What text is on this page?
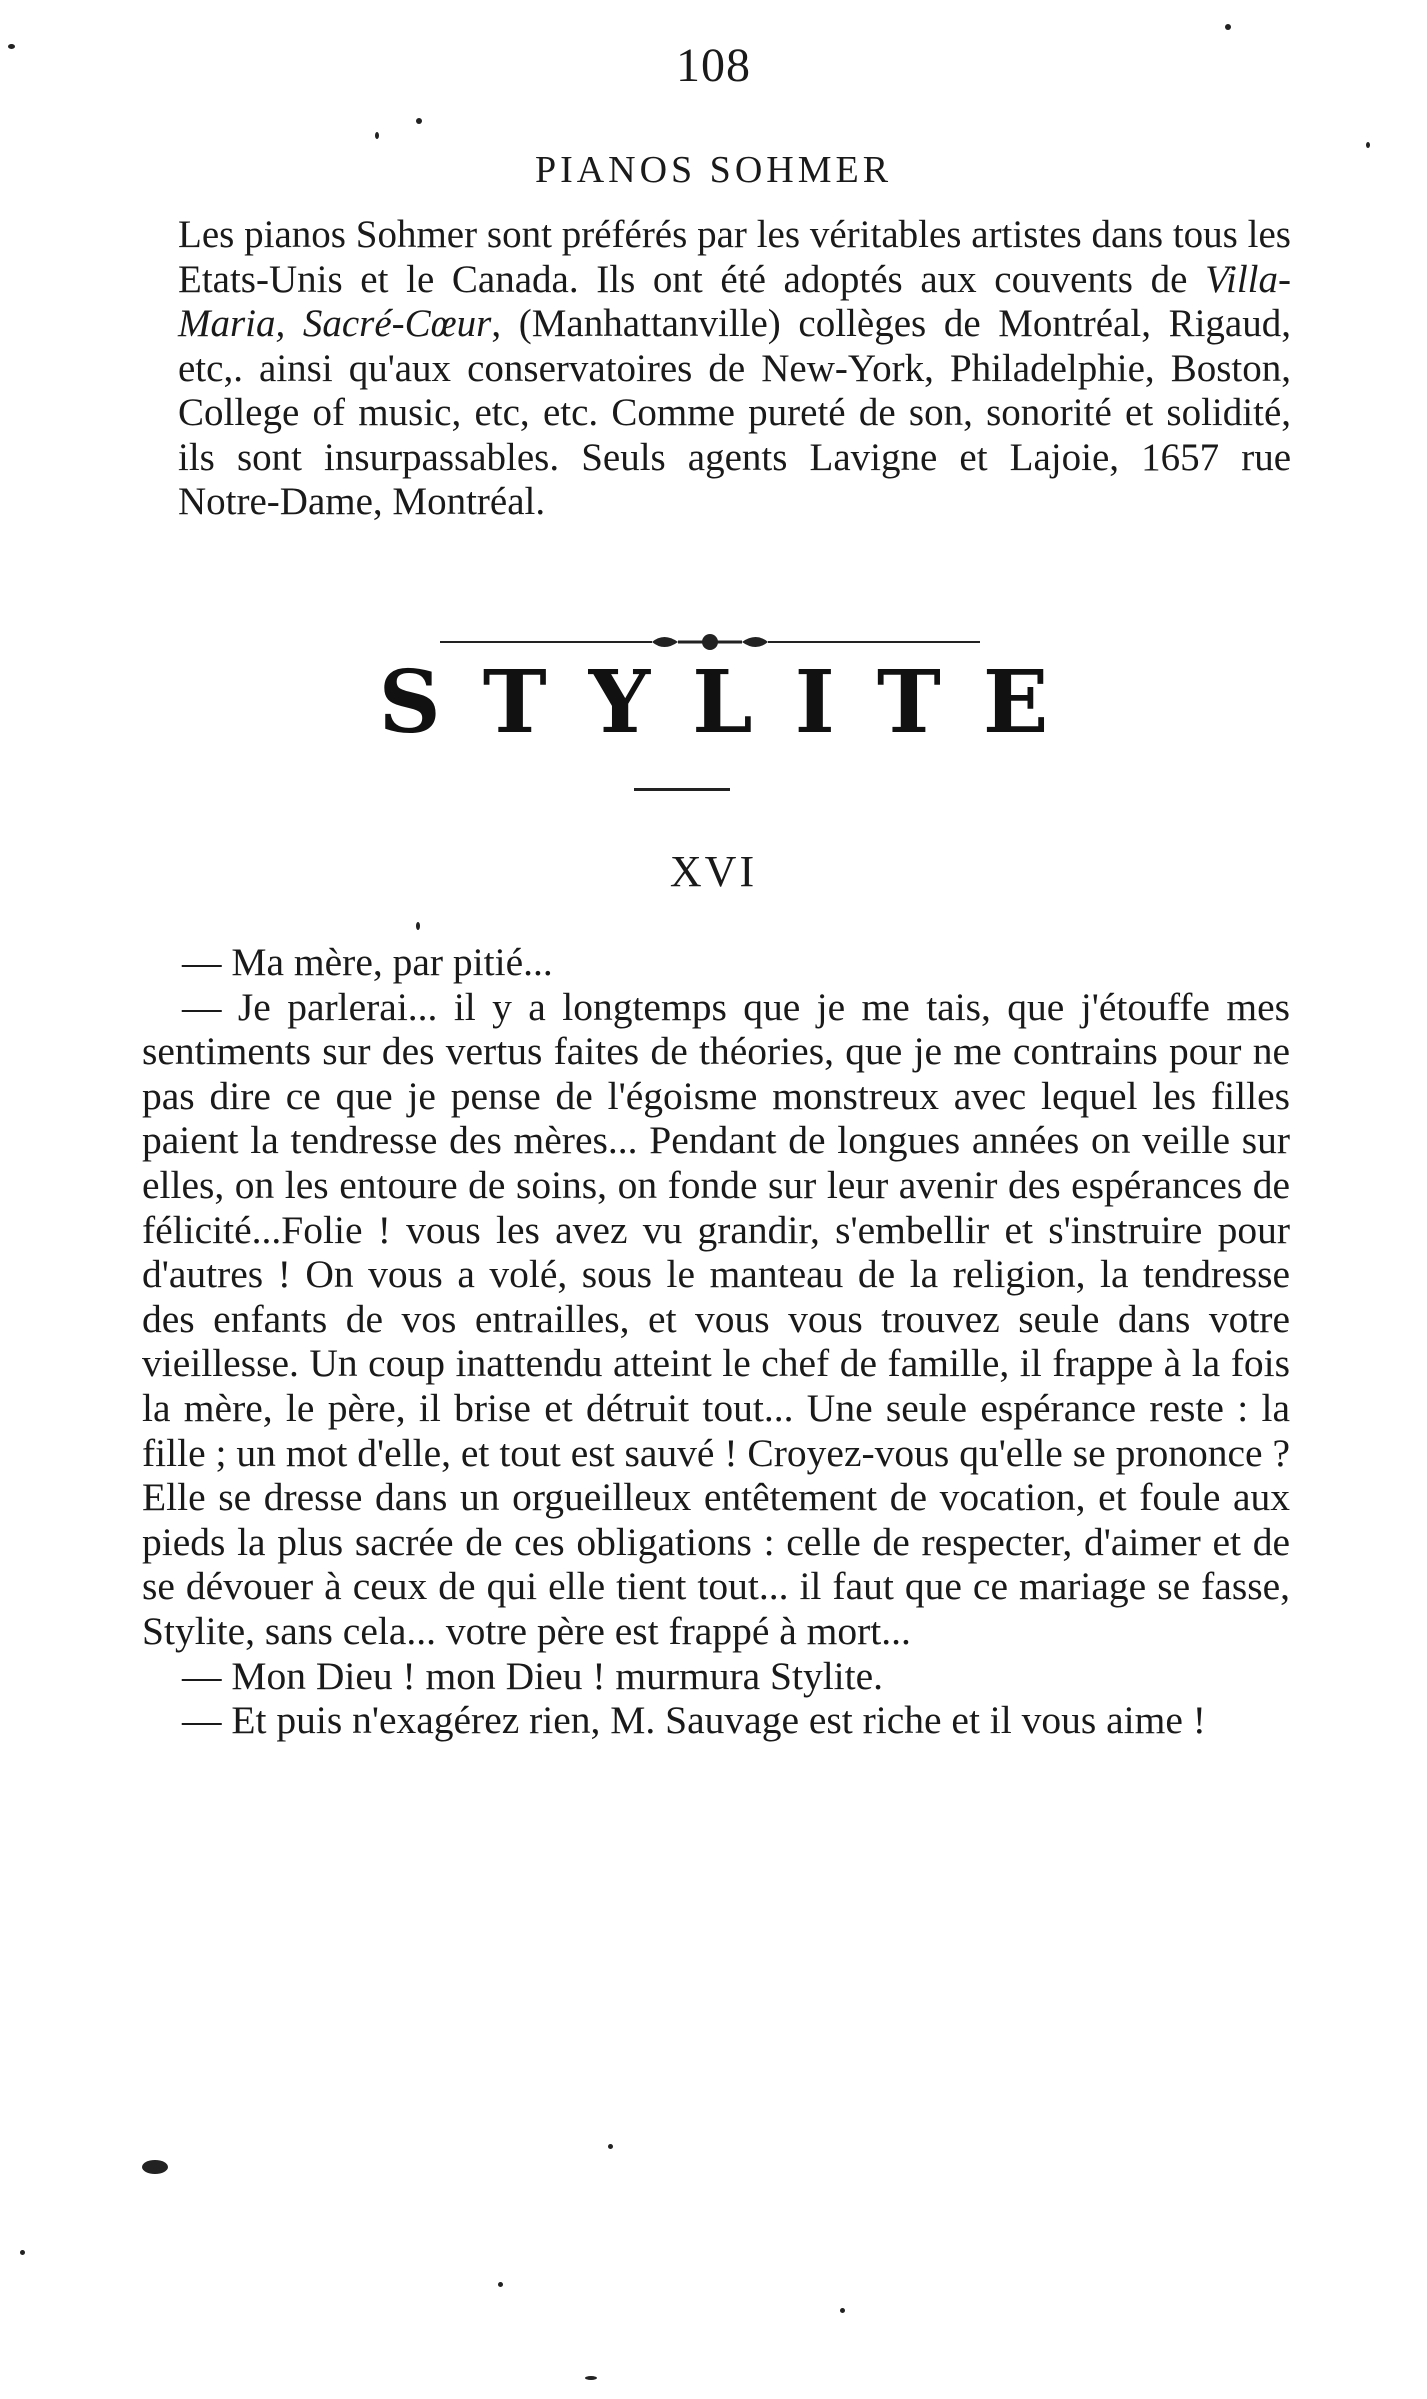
108
PIANOS SOHMER
Les pianos Sohmer sont préférés par les véritables artistes dans tous les Etats-Unis et le Canada. Ils ont été adoptés aux couvents de Villa-Maria, Sacré-Cœur, (Manhattanville) collèges de Montréal, Rigaud, etc,. ainsi qu'aux conservatoires de New-York, Philadelphie, Boston, College of music, etc, etc. Comme pureté de son, sonorité et solidité, ils sont insurpassables. Seuls agents Lavigne et Lajoie, 1657 rue Notre-Dame, Montréal.
STYLITE
XVI

— Ma mère, par pitié...

— Je parlerai... il y a longtemps que je me tais, que j'étouffe mes sentiments sur des vertus faites de théories, que je me contrains pour ne pas dire ce que je pense de l'égoisme monstreux avec lequel les filles paient la tendresse des mères... Pendant de longues années on veille sur elles, on les entoure de soins, on fonde sur leur avenir des espérances de félicité...Folie ! vous les avez vu grandir, s'embellir et s'instruire pour d'autres ! On vous a volé, sous le manteau de la religion, la tendresse des enfants de vos entrailles, et vous vous trouvez seule dans votre vieillesse. Un coup inattendu atteint le chef de famille, il frappe à la fois la mère, le père, il brise et détruit tout... Une seule espérance reste : la fille ; un mot d'elle, et tout est sauvé ! Croyez-vous qu'elle se prononce ? Elle se dresse dans un orgueilleux entêtement de vocation, et foule aux pieds la plus sacrée de ces obligations : celle de respecter, d'aimer et de se dévouer à ceux de qui elle tient tout... il faut que ce mariage se fasse, Stylite, sans cela... votre père est frappé à mort...

— Mon Dieu ! mon Dieu ! murmura Stylite.

— Et puis n'exagérez rien, M. Sauvage est riche et il vous aime !
